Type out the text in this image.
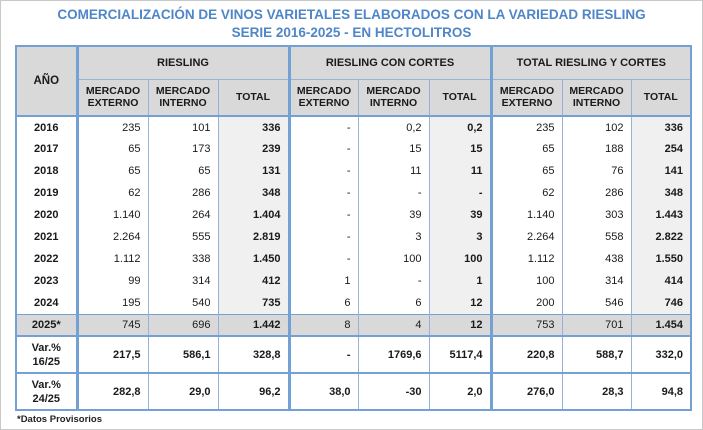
COMERCIALIZACIÓN DE VINOS VARIETALES ELABORADOS CON LA VARIEDAD RIESLING
SERIE 2016-2025 - EN HECTOLITROS
AÑO	RIESLING			RIESLING CON CORTES			TOTAL RIESLING Y CORTES		
	MERCADO EXTERNO	MERCADO INTERNO	TOTAL	MERCADO EXTERNO	MERCADO INTERNO	TOTAL	MERCADO EXTERNO	MERCADO INTERNO	TOTAL
2016	235	101	336	-	0,2	0,2	235	102	336
2017	65	173	239	-	15	15	65	188	254
2018	65	65	131	-	11	11	65	76	141
2019	62	286	348	-	-	-	62	286	348
2020	1.140	264	1.404	-	39	39	1.140	303	1.443
2021	2.264	555	2.819	-	3	3	2.264	558	2.822
2022	1.112	338	1.450	-	100	100	1.112	438	1.550
2023	99	314	412	1	-	1	100	314	414
2024	195	540	735	6	6	12	200	546	746
2025*	745	696	1.442	8	4	12	753	701	1.454

Var.%
16/25	217,5	586,1	328,8	-	1769,6	5117,4	220,8	588,7	332,0

Var.%
24/25	282,8	29,0	96,2	38,0	-30	2,0	276,0	28,3	94,8
*Datos Provisorios
